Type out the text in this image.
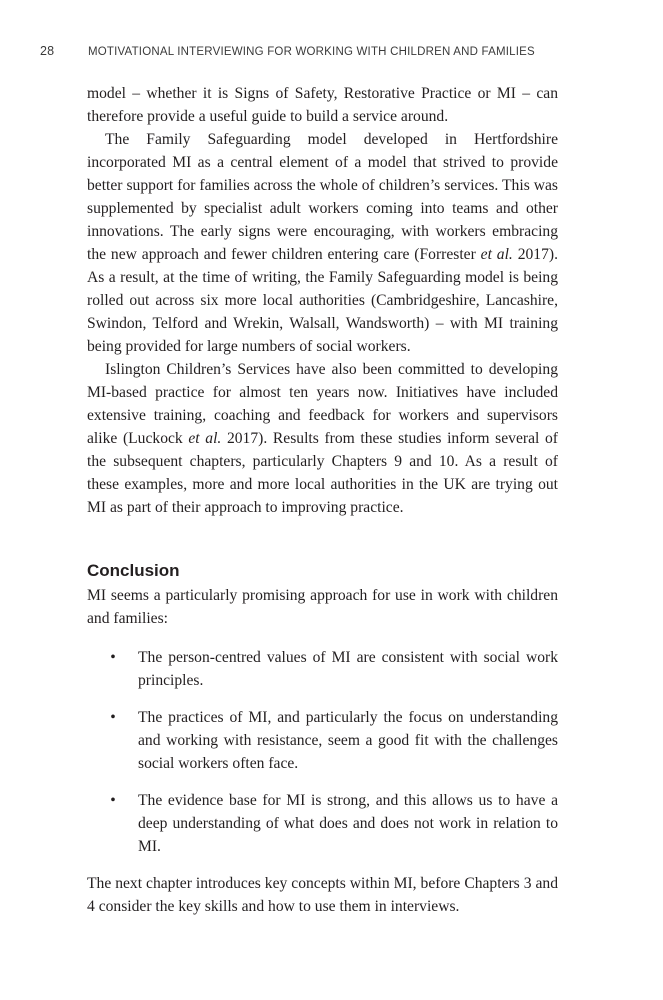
28	MOTIVATIONAL INTERVIEWING FOR WORKING WITH CHILDREN AND FAMILIES

model – whether it is Signs of Safety, Restorative Practice or MI – can therefore provide a useful guide to build a service around.

The Family Safeguarding model developed in Hertfordshire incorporated MI as a central element of a model that strived to provide better support for families across the whole of children’s services. This was supplemented by specialist adult workers coming into teams and other innovations. The early signs were encouraging, with workers embracing the new approach and fewer children entering care (Forrester et al. 2017). As a result, at the time of writing, the Family Safeguarding model is being rolled out across six more local authorities (Cambridgeshire, Lancashire, Swindon, Telford and Wrekin, Walsall, Wandsworth) – with MI training being provided for large numbers of social workers.

Islington Children’s Services have also been committed to developing MI-based practice for almost ten years now. Initiatives have included extensive training, coaching and feedback for workers and supervisors alike (Luckock et al. 2017). Results from these studies inform several of the subsequent chapters, particularly Chapters 9 and 10. As a result of these examples, more and more local authorities in the UK are trying out MI as part of their approach to improving practice.

Conclusion

MI seems a particularly promising approach for use in work with children and families:

• The person-centred values of MI are consistent with social work principles.
• The practices of MI, and particularly the focus on understanding and working with resistance, seem a good fit with the challenges social workers often face.
• The evidence base for MI is strong, and this allows us to have a deep understanding of what does and does not work in relation to MI.

The next chapter introduces key concepts within MI, before Chapters 3 and 4 consider the key skills and how to use them in interviews.
